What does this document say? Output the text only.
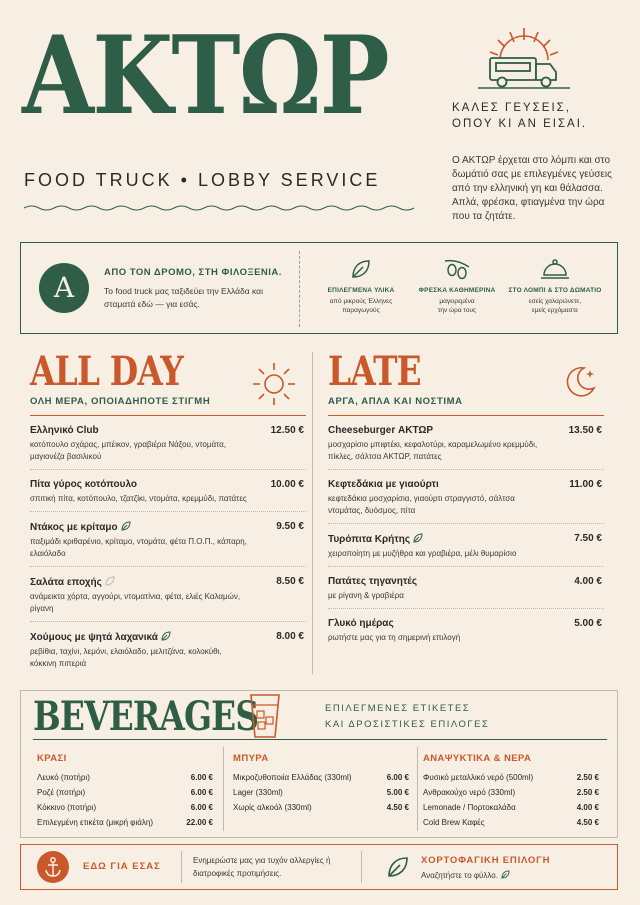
ΑΚΤΩΡ
FOOD TRUCK • LOBBY SERVICE
ΚΑΛΕΣ ΓΕΥΣΕΙΣ,
ΟΠΟΥ ΚΙ ΑΝ ΕΙΣΑΙ.
Ο ΑΚΤΩΡ έρχεται στο λόμπι και στο δωμάτιό σας με επιλεγμένες γεύσεις από την ελληνική γη και θάλασσα. Απλά, φρέσκα, φτιαγμένα την ώρα που τα ζητάτε.
A	ΑΠΟ ΤΟΝ ΔΡΟΜΟ, ΣΤΗ ΦΙΛΟΞΕΝΙΑ.
Το food truck μας ταξιδεύει την Ελλάδα και σταματά εδώ — για εσάς.
ΕΠΙΛΕΓΜΕΝΑ ΥΛΙΚΑ
από μικρούς Έλληνες
παραγωγούς
ΦΡΕΣΚΑ ΚΑΘΗΜΕΡΙΝΑ
μαγειρεμένα
την ώρα τους
ΣΤΟ ΛΟΜΠΙ & ΣΤΟ ΔΩΜΑΤΙΟ
εσείς χαλαρώνετε,
εμείς ερχόμαστε
ALL DAY
ΟΛΗ ΜΕΡΑ, ΟΠΟΙΑΔΗΠΟΤΕ ΣΤΙΓΜΗ
Ελληνικό Club	12.50 €
κοτόπουλο σχάρας, μπέικον, γραβιέρα Νάξου, ντομάτα, μαγιονέζα βασιλικού
Πίτα γύρος κοτόπουλο	10.00 €
σπιτική πίτα, κοτόπουλο, τζατζίκι, ντομάτα, κρεμμύδι, πατάτες
Ντάκος με κρίταμο	9.50 €
παξιμάδι κριθαρένιο, κρίταμο, ντομάτα, φέτα Π.Ο.Π., κάπαρη, ελαιόλαδο
Σαλάτα εποχής	8.50 €
ανάμεικτα χόρτα, αγγούρι, ντοματίνια, φέτα, ελιές Καλαμών, ρίγανη
Χούμους με ψητά λαχανικά	8.00 €
ρεβίθια, ταχίνι, λεμόνι, ελαιόλαδο, μελιτζάνα, κολοκύθι, κόκκινη πιπεριά
LATE
ΑΡΓΑ, ΑΠΛΑ ΚΑΙ ΝΟΣΤΙΜΑ
Cheeseburger ΑΚΤΩΡ	13.50 €
μοσχαρίσιο μπιφτέκι, κεφαλοτύρι, καραμελωμένο κρεμμύδι, πίκλες, σάλτσα ΑΚΤΩΡ, πατάτες
Κεφτεδάκια με γιαούρτι	11.00 €
κεφτεδάκια μοσχαρίσια, γιαούρτι στραγγιστό, σάλτσα ντομάτας, δυόσμος, πίτα
Τυρόπιτα Κρήτης	7.50 €
χειροποίητη με μυζήθρα και γραβιέρα, μέλι θυμαρίσιο
Πατάτες τηγανητές	4.00 €
με ρίγανη & γραβιέρα
Γλυκό ημέρας	5.00 €
ρωτήστε μας για τη σημερινή επιλογή
BEVERAGES	ΕΠΙΛΕΓΜΕΝΕΣ ΕΤΙΚΕΤΕΣ
ΚΑΙ ΔΡΟΣΙΣΤΙΚΕΣ ΕΠΙΛΟΓΕΣ
ΚΡΑΣΙ
Λευκό (ποτήρι)	6.00 €
Ροζέ (ποτήρι)	6.00 €
Κόκκινο (ποτήρι)	6.00 €
Επιλεγμένη ετικέτα (μικρή φιάλη)	22.00 €
ΜΠΥΡΑ
Μικροζυθοποιία Ελλάδας (330ml)	6.00 €
Lager (330ml)	5.00 €
Χωρίς αλκοόλ (330ml)	4.50 €
ΑΝΑΨΥΚΤΙΚΑ & ΝΕΡΑ
Φυσικό μεταλλικό νερό (500ml)	2.50 €
Ανθρακούχο νερό (330ml)	2.50 €
Lemonade / Πορτοκαλάδα	4.00 €
Cold Brew Καφές	4.50 €
ΕΔΩ ΓΙΑ ΕΣΑΣ
Ενημερώστε μας για τυχόν αλλεργίες ή διατροφικές προτιμήσεις.
ΧΟΡΤΟΦΑΓΙΚΗ ΕΠΙΛΟΓΗ
Αναζητήστε το φύλλο.
